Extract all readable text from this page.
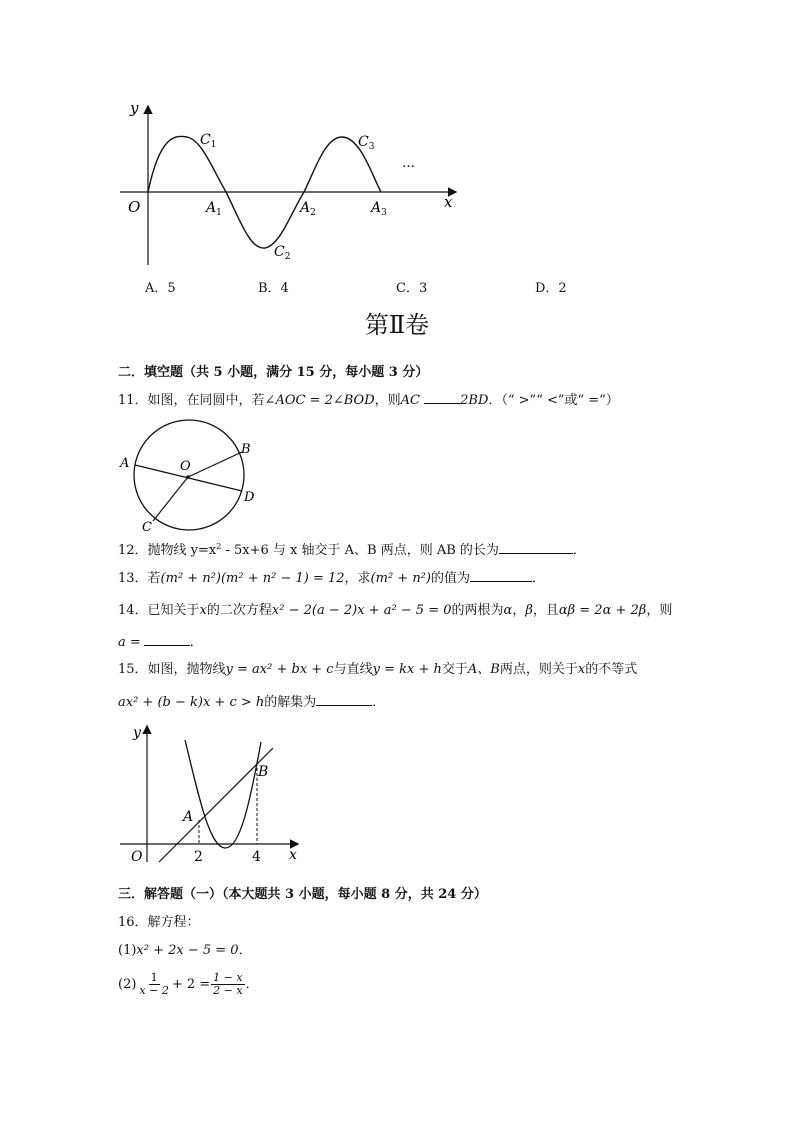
y
x
O
$C_1$
$C_2$
$C_3$
$A_1$	$A_2$	$A_3$
…
A．5	B．4	C．3	D．2
第Ⅱ卷
二．填空题（共 5 小题，满分 15 分，每小题 3 分）
11．如图，在同圆中，若∠AOC = 2∠BOD，则AC	2BD．（“ >”“ <”或“ =”）
A
B
C
D
O
12．抛物线 $y=x^2 - 5x+6$ 与 x 轴交于 A、B 两点，则 AB 的长为	．
13．若(m² + n²)(m² + n² − 1) = 12，求(m² + n²)的值为	．
14．已知关于x的二次方程x² − 2(a − 2)x + a² − 5 = 0的两根为α，β，且αβ = 2α + 2β，则
a =	．
15．如图，抛物线y = ax² + bx + c与直线y = kx + h交于A、B两点，则关于x的不等式
ax² + (b − k)x + c > h的解集为	．
y
x
O
A
B
2	4
三．解答题（一）（本大题共 3 小题，每小题 8 分，共 24 分）
16．解方程：
(1)x² + 2x − 5 = 0．
$(2) \frac{1}{x - 2} + 2 = \frac{1 - x}{2 - x}$ ．
